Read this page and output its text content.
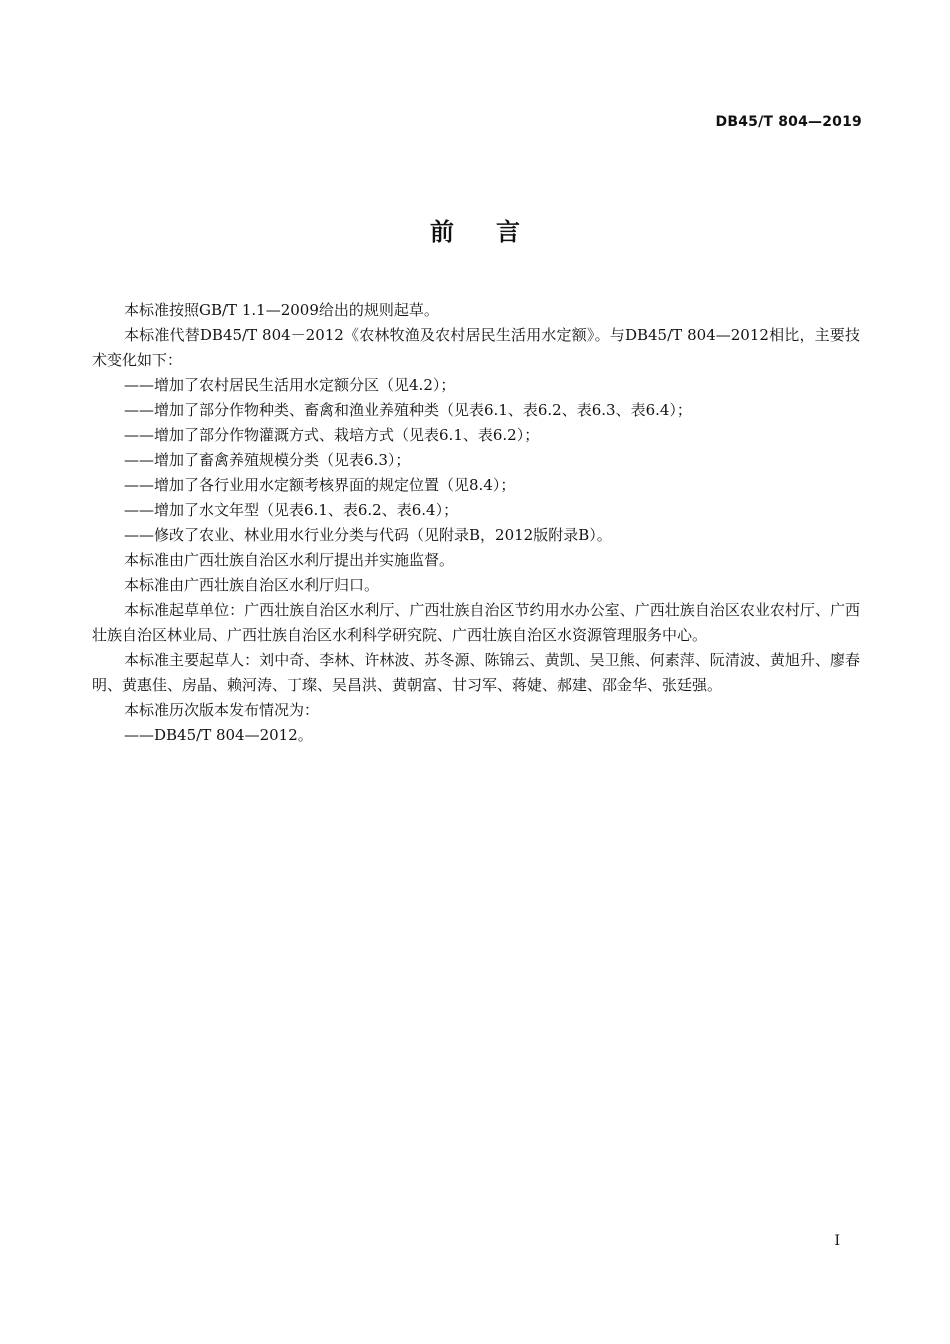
DB45/T 804—2019
前言

本标准按照GB/T 1.1—2009给出的规则起草。

本标准代替DB45/T 804－2012《农林牧渔及农村居民生活用水定额》。与DB45/T 804—2012相比，主要技术变化如下：

——增加了农村居民生活用水定额分区（见4.2）；

——增加了部分作物种类、畜禽和渔业养殖种类（见表6.1、表6.2、表6.3、表6.4）；

——增加了部分作物灌溉方式、栽培方式（见表6.1、表6.2）；

——增加了畜禽养殖规模分类（见表6.3）；

——增加了各行业用水定额考核界面的规定位置（见8.4）；

——增加了水文年型（见表6.1、表6.2、表6.4）；

——修改了农业、林业用水行业分类与代码（见附录B，2012版附录B）。

本标准由广西壮族自治区水利厅提出并实施监督。

本标准由广西壮族自治区水利厅归口。

本标准起草单位：广西壮族自治区水利厅、广西壮族自治区节约用水办公室、广西壮族自治区农业农村厅、广西壮族自治区林业局、广西壮族自治区水利科学研究院、广西壮族自治区水资源管理服务中心。

本标准主要起草人：刘中奇、李林、许林波、苏冬源、陈锦云、黄凯、吴卫熊、何素萍、阮清波、黄旭升、廖春明、黄惠佳、房晶、赖河涛、丁璨、吴昌洪、黄朝富、甘习军、蒋婕、郝建、邵金华、张廷强。

本标准历次版本发布情况为：

——DB45/T 804—2012。

I
